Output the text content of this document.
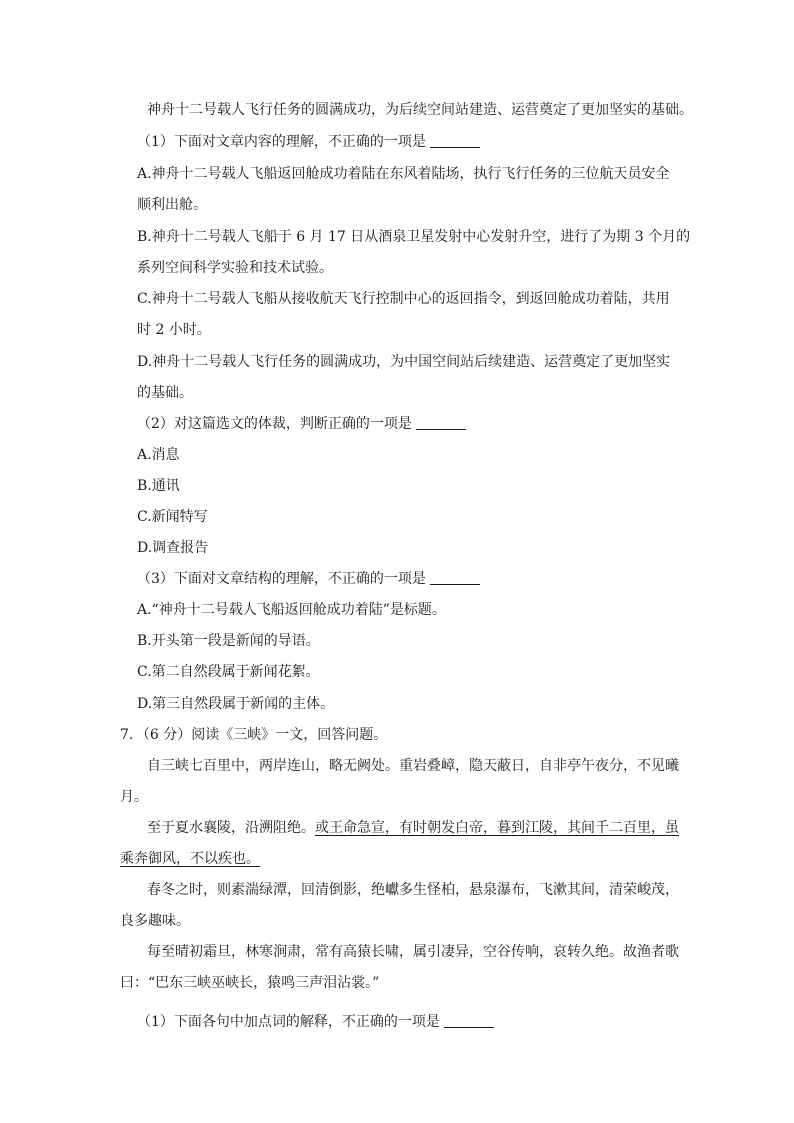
神舟十二号载人飞行任务的圆满成功，为后续空间站建造、运营奠定了更加坚实的基础。
（1）下面对文章内容的理解，不正确的一项是
A.神舟十二号载人飞船返回舱成功着陆在东风着陆场，执行飞行任务的三位航天员安全
顺利出舱。
B.神舟十二号载人飞船于 6 月 17 日从酒泉卫星发射中心发射升空，进行了为期 3 个月的
系列空间科学实验和技术试验。
C.神舟十二号载人飞船从接收航天飞行控制中心的返回指令，到返回舱成功着陆，共用
时 2 小时。
D.神舟十二号载人飞行任务的圆满成功，为中国空间站后续建造、运营奠定了更加坚实
的基础。
（2）对这篇选文的体裁，判断正确的一项是
A.消息
B.通讯
C.新闻特写
D.调查报告
（3）下面对文章结构的理解，不正确的一项是
A.“神舟十二号载人飞船返回舱成功着陆”是标题。
B.开头第一段是新闻的导语。
C.第二自然段属于新闻花絮。
D.第三自然段属于新闻的主体。
7．（6 分）阅读《三峡》一文，回答问题。
自三峡七百里中，两岸连山，略无阙处。重岩叠嶂，隐天蔽日，自非亭午夜分，不见曦
月。
至于夏水襄陵，沿溯阻绝。或王命急宣，有时朝发白帝，暮到江陵，其间千二百里，虽
乘奔御风，不以疾也。
春冬之时，则素湍绿潭，回清倒影，绝巘多生怪柏，悬泉瀑布，飞漱其间，清荣峻茂，
良多趣味。
每至晴初霜旦，林寒涧肃，常有高猿长啸，属引凄异，空谷传响，哀转久绝。故渔者歌
曰：“巴东三峡巫峡长，猿鸣三声泪沾裳。”
（1）下面各句中加点词的解释，不正确的一项是
